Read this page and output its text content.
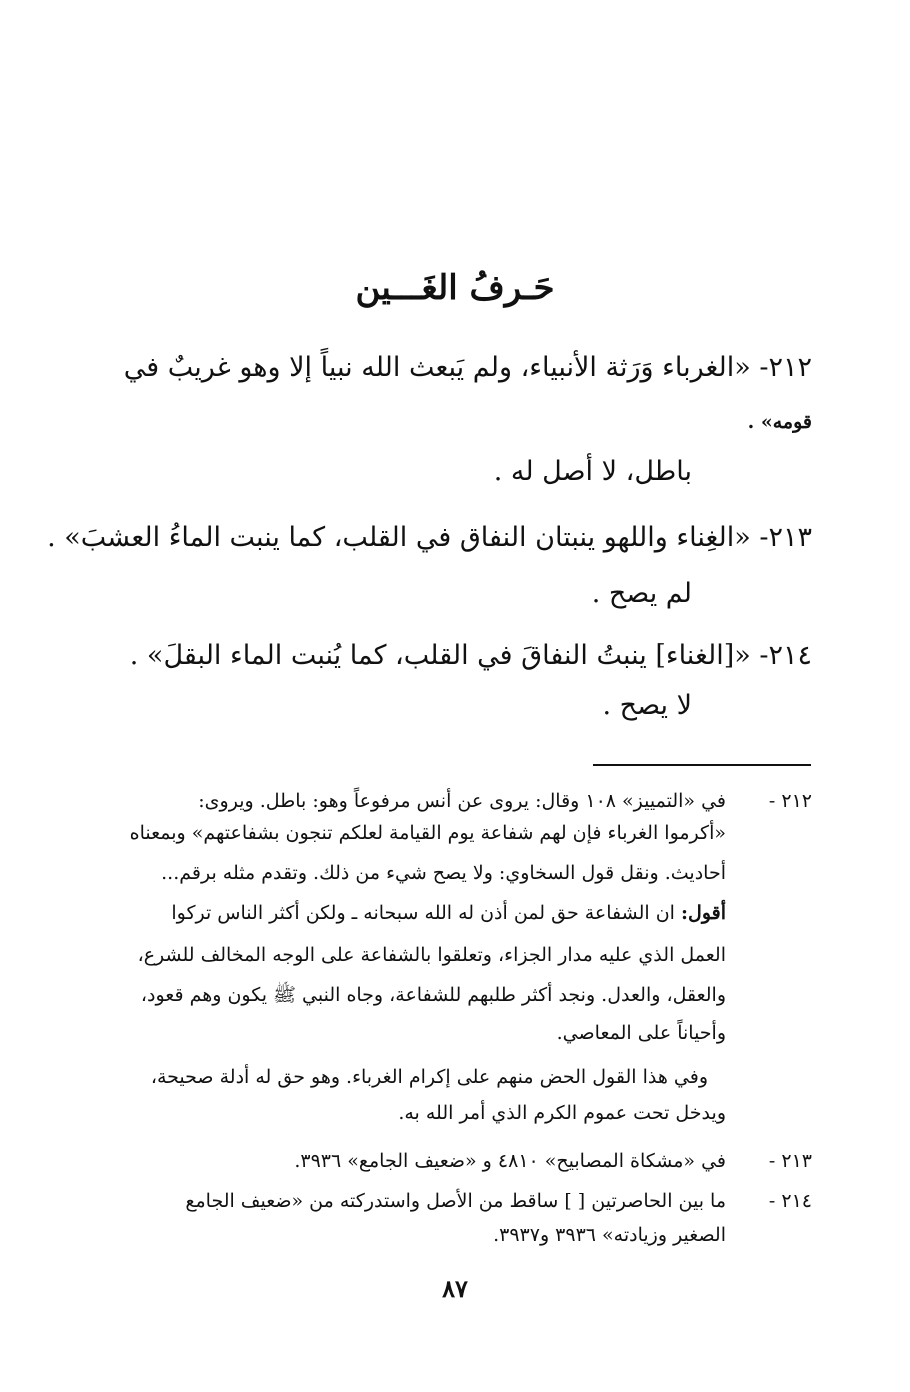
حَـرفُ الغَـــين
٢١٢- «الغرباء وَرَثة الأنبياء، ولم يَبعث الله نبياً إلا وهو غريبٌ في
قومه» .
باطل، لا أصل له .
٢١٣- «الغِناء واللهو ينبتان النفاق في القلب، كما ينبت الماءُ العشبَ» .
لم يصح .
٢١٤- «[الغناء] ينبتُ النفاقَ في القلب، كما يُنبت الماء البقلَ» .
لا يصح .
٢١٢ -
في «التمييز» ١٠٨ وقال: يروى عن أنس مرفوعاً وهو: باطل. ويروى:
«أكرموا الغرباء فإن لهم شفاعة يوم القيامة لعلكم تنجون بشفاعتهم» وبمعناه
أحاديث. ونقل قول السخاوي: ولا يصح شيء من ذلك. وتقدم مثله برقم...
أقول: ان الشفاعة حق لمن أذن له الله سبحانه ـ ولكن أكثر الناس تركوا
العمل الذي عليه مدار الجزاء، وتعلقوا بالشفاعة على الوجه المخالف للشرع،
والعقل، والعدل. ونجد أكثر طلبهم للشفاعة، وجاه النبي ﷺ يكون وهم قعود،
وأحياناً على المعاصي.
وفي هذا القول الحض منهم على إكرام الغرباء. وهو حق له أدلة صحيحة،
ويدخل تحت عموم الكرم الذي أمر الله به.
٢١٣ -
في «مشكاة المصابيح» ٤٨١٠ و «ضعيف الجامع» ٣٩٣٦.
٢١٤ -
ما بين الحاصرتين [ ] ساقط من الأصل واستدركته من «ضعيف الجامع
الصغير وزيادته» ٣٩٣٦ و٣٩٣٧.
٨٧
